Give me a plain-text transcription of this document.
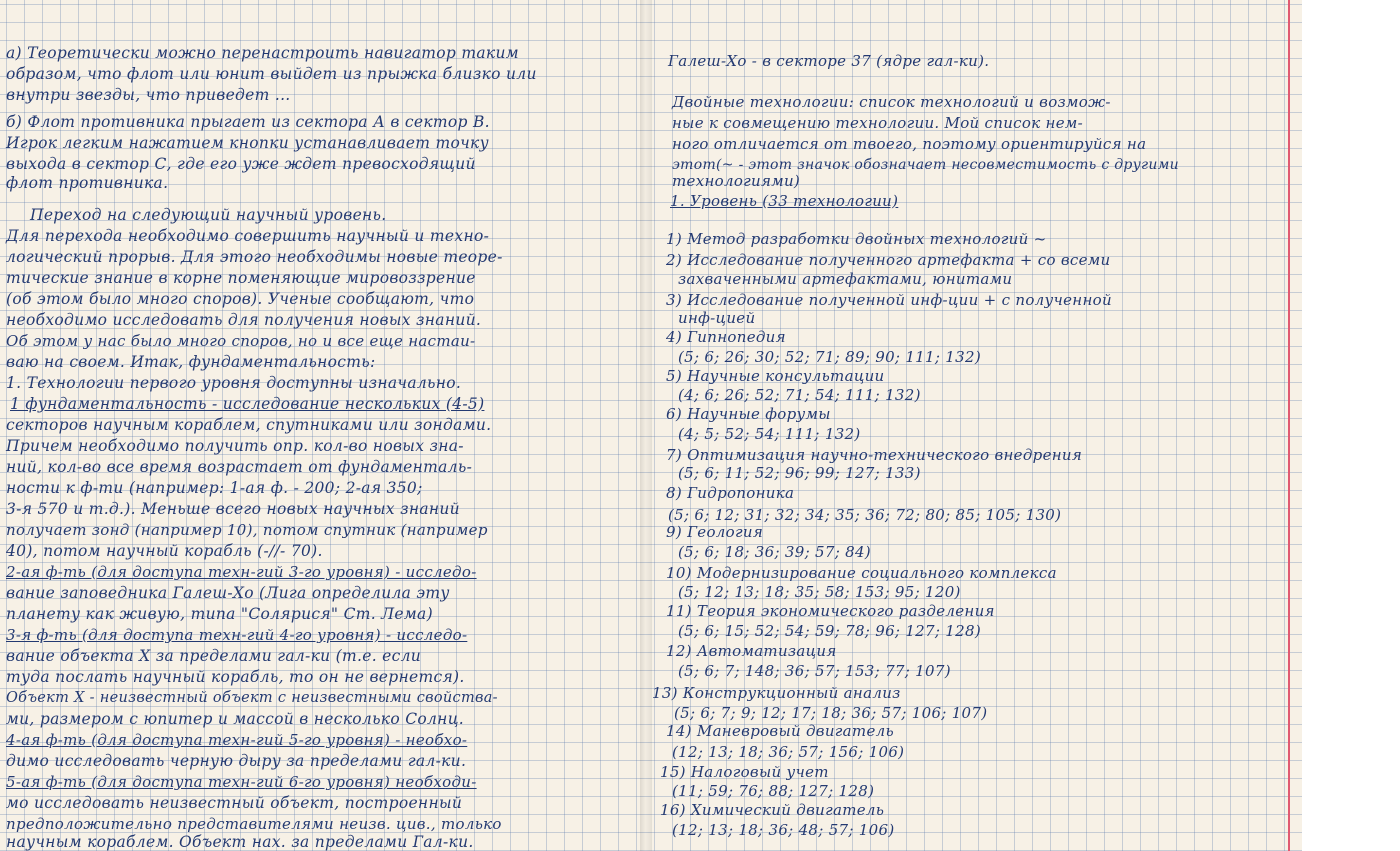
а) Теоретически можно перенастроить навигатор таким
образом, что флот или юнит выйдет из прыжка близко или
внутри звезды, что приведет ...
б) Флот противника прыгает из сектора А в сектор В.
Игрок легким нажатием кнопки устанавливает точку
выхода в сектор С, где его уже ждет превосходящий
флот противника.
Переход на следующий научный уровень.
Для перехода необходимо совершить научный и техно-
логический прорыв. Для этого необходимы новые теоре-
тические знание в корне поменяющие мировоззрение
(об этом было много споров). Ученые сообщают, что
необходимо исследовать для получения новых знаний.
Об этом у нас было много споров, но и все еще настаи-
ваю на своем. Итак, фундаментальность:
1. Технологии первого уровня доступны изначально.
1 фундаментальность - исследование нескольких (4-5)
секторов научным кораблем, спутниками или зондами.
Причем необходимо получить опр. кол-во новых зна-
ний, кол-во все время возрастает от фундаменталь-
ности к ф-ти (например: 1-ая ф. - 200; 2-ая 350;
3-я 570 и т.д.). Меньше всего новых научных знаний
получает зонд (например 10), потом спутник (например
40), потом научный корабль (-//- 70).
2-ая ф-ть (для доступа техн-гий 3-го уровня) - исследо-
вание заповедника Галеш-Хо (Лига определила эту
планету как живую, типа "Солярися" Ст. Лема)
3-я ф-ть (для доступа техн-гий 4-го уровня) - исследо-
вание объекта Х за пределами гал-ки (т.е. если
туда послать научный корабль, то он не вернется).
Объект Х - неизвестный объект с неизвестными свойства-
ми, размером с юпитер и массой в несколько Солнц.
4-ая ф-ть (для доступа техн-гий 5-го уровня) - необхо-
димо исследовать черную дыру за пределами гал-ки.
5-ая ф-ть (для доступа техн-гий 6-го уровня) необходи-
мо исследовать неизвестный объект, построенный
предположительно представителями неизв. цив., только
научным кораблем. Объект нах. за пределами Гал-ки.
Галеш-Хо - в секторе 37 (ядре гал-ки).
Двойные технологии: список технологий и возмож-
ные к совмещению технологии. Мой список нем-
ного отличается от твоего, поэтому ориентируйся на
этот(~ - этот значок обозначает несовместимость с другими
технологиями)
1. Уровень (33 технологии)
1) Метод разработки двойных технологий ~
2) Исследование полученного артефакта + со всеми
захваченными артефактами, юнитами
3) Исследование полученной инф-ции + с полученной
инф-цией
4) Гипнопедия
(5; 6; 26; 30; 52; 71; 89; 90; 111; 132)
5) Научные консультации
(4; 6; 26; 52; 71; 54; 111; 132)
6) Научные форумы
(4; 5; 52; 54; 111; 132)
7) Оптимизация научно-технического внедрения
(5; 6; 11; 52; 96; 99; 127; 133)
8) Гидропоника
(5; 6; 12; 31; 32; 34; 35; 36; 72; 80; 85; 105; 130)
9) Геология
(5; 6; 18; 36; 39; 57; 84)
10) Модернизирование социального комплекса
(5; 12; 13; 18; 35; 58; 153; 95; 120)
11) Теория экономического разделения
(5; 6; 15; 52; 54; 59; 78; 96; 127; 128)
12) Автоматизация
(5; 6; 7; 148; 36; 57; 153; 77; 107)
13) Конструкционный анализ
(5; 6; 7; 9; 12; 17; 18; 36; 57; 106; 107)
14) Маневровый двигатель
(12; 13; 18; 36; 57; 156; 106)
15) Налоговый учет
(11; 59; 76; 88; 127; 128)
16) Химический двигатель
(12; 13; 18; 36; 48; 57; 106)
